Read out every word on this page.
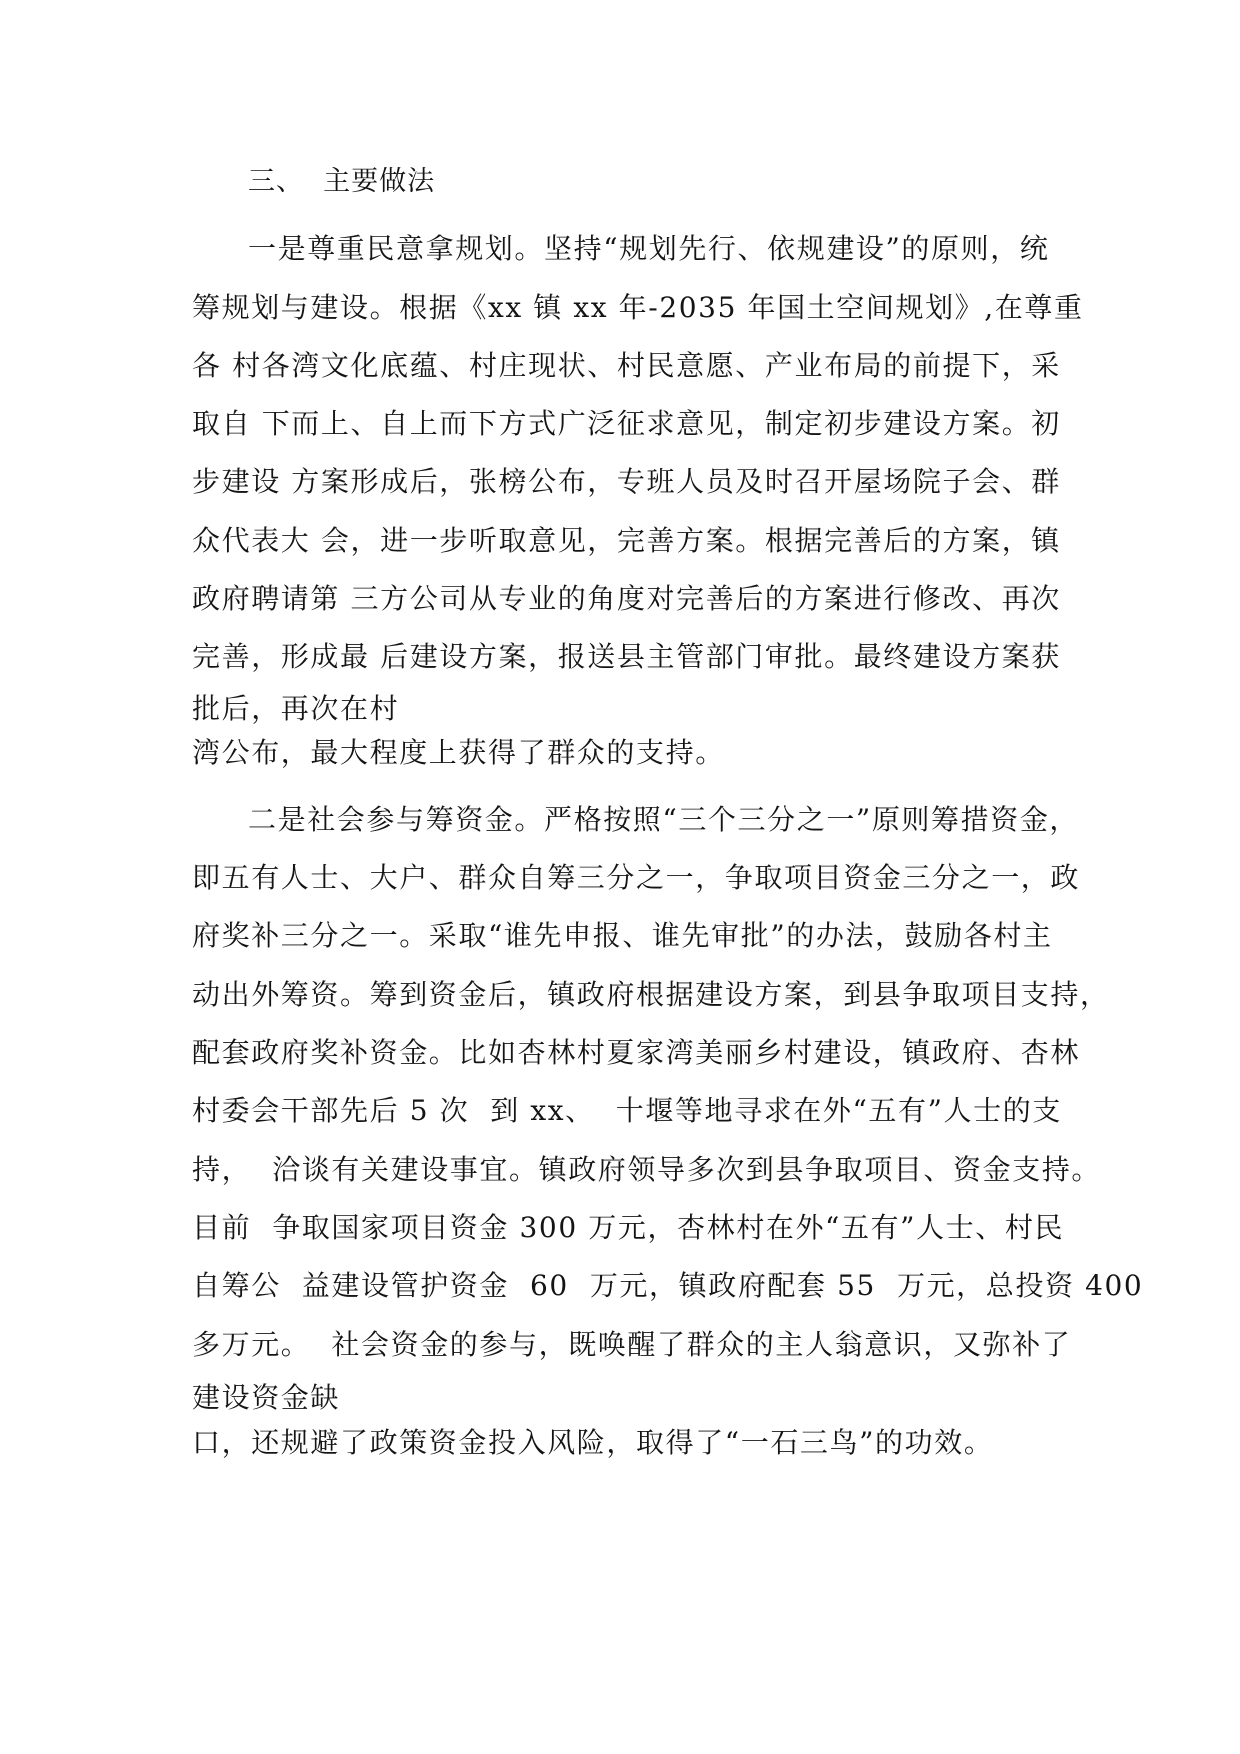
三、  主要做法
一是尊重民意拿规划。坚持“规划先行、依规建设”的原则，统
筹规划与建设。根据《xx 镇 xx 年-2035 年国土空间规划》,在尊重
各 村各湾文化底蕴、村庄现状、村民意愿、产业布局的前提下，采
取自 下而上、自上而下方式广泛征求意见，制定初步建设方案。初
步建设 方案形成后，张榜公布，专班人员及时召开屋场院子会、群
众代表大 会，进一步听取意见，完善方案。根据完善后的方案，镇
政府聘请第 三方公司从专业的角度对完善后的方案进行修改、再次
完善，形成最 后建设方案，报送县主管部门审批。最终建设方案获
批后，再次在村
湾公布，最大程度上获得了群众的支持。
二是社会参与筹资金。严格按照“三个三分之一”原则筹措资金，
即五有人士、大户、群众自筹三分之一，争取项目资金三分之一，政
府奖补三分之一。采取“谁先申报、谁先审批”的办法，鼓励各村主
动出外筹资。筹到资金后，镇政府根据建设方案，到县争取项目支持，
配套政府奖补资金。比如杏林村夏家湾美丽乡村建设，镇政府、杏林
村委会干部先后 5 次  到 xx、  十堰等地寻求在外“五有”人士的支
持，  洽谈有关建设事宜。镇政府领导多次到县争取项目、资金支持。
目前  争取国家项目资金 300 万元，杏林村在外“五有”人士、村民
自筹公  益建设管护资金  60  万元，镇政府配套 55  万元，总投资 400
多万元。  社会资金的参与，既唤醒了群众的主人翁意识，又弥补了
建设资金缺
口，还规避了政策资金投入风险，取得了“一石三鸟”的功效。
